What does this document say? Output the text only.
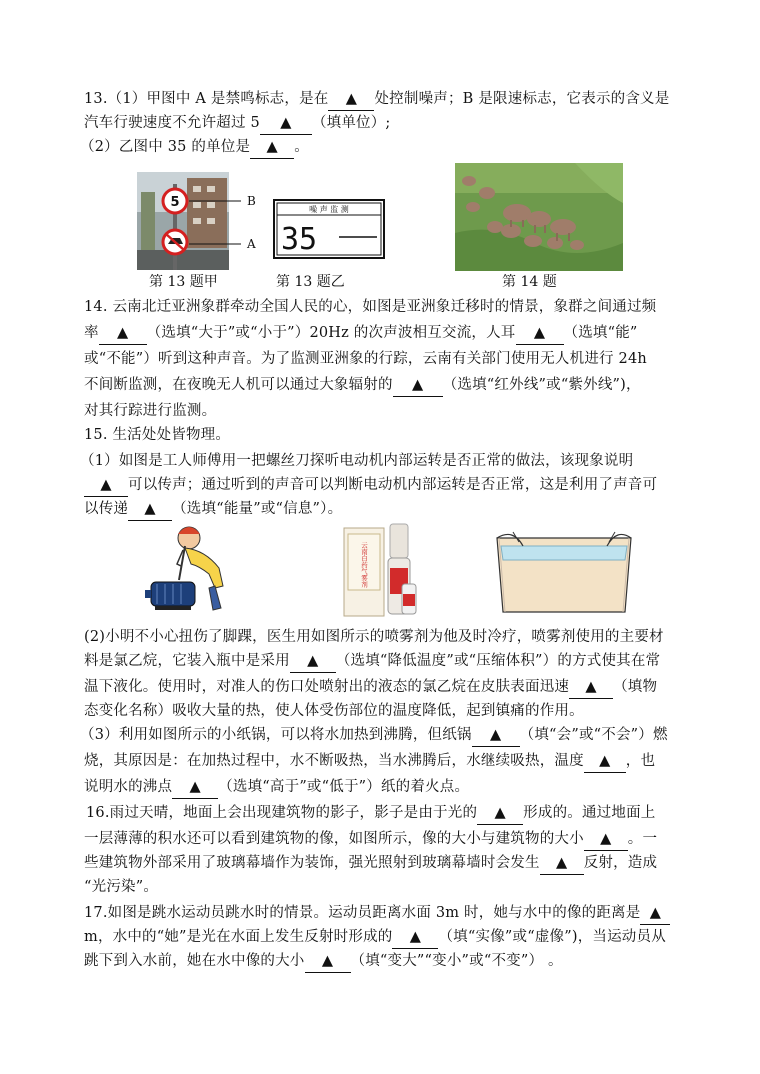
13.（1）甲图中 A 是禁鸣标志，是在 ▲ 处控制噪声；B 是限速标志，它表示的含义是
汽车行驶速度不允许超过 5 ▲ （填单位）;
（2）乙图中 35 的单位是 ▲ 。
5	B
A
噪 声 监 测
35
第 13 题甲	第 13 题乙	第 14 题
14. 云南北迁亚洲象群牵动全国人民的心，如图是亚洲象迁移时的情景，象群之间通过频
率 ▲ （选填“大于”或“小于”）20Hz 的次声波相互交流，人耳 ▲ （选填“能”
或“不能”）听到这种声音。为了监测亚洲象的行踪，云南有关部门使用无人机进行 24h
不间断监测，在夜晚无人机可以通过大象辐射的 ▲ （选填“红外线”或“紫外线”)，
对其行踪进行监测。
15. 生活处处皆物理。
（1）如图是工人师傅用一把螺丝刀探听电动机内部运转是否正常的做法，该现象说明
▲ 可以传声；通过听到的声音可以判断电动机内部运转是否正常，这是利用了声音可
以传递 ▲ （选填“能量”或“信息”）。
云南白药气雾剂
(2)小明不小心扭伤了脚踝，医生用如图所示的喷雾剂为他及时冷疗，喷雾剂使用的主要材
料是氯乙烷，它装入瓶中是采用 ▲ （选填“降低温度”或“压缩体积”）的方式使其在常
温下液化。使用时，对准人的伤口处喷射出的液态的氯乙烷在皮肤表面迅速 ▲ （填物
态变化名称）吸收大量的热，使人体受伤部位的温度降低，起到镇痛的作用。
（3）利用如图所示的小纸锅，可以将水加热到沸腾，但纸锅 ▲ （填“会”或“不会”）燃
烧，其原因是：在加热过程中，水不断吸热，当水沸腾后，水继续吸热，温度 ▲ ，也
说明水的沸点 ▲ （选填“高于”或“低于”）纸的着火点。
16.雨过天晴，地面上会出现建筑物的影子，影子是由于光的 ▲ 形成的。通过地面上
一层薄薄的积水还可以看到建筑物的像，如图所示，像的大小与建筑物的大小 ▲ 。一
些建筑物外部采用了玻璃幕墙作为装饰，强光照射到玻璃幕墙时会发生 ▲ 反射，造成
“光污染”。
17.如图是跳水运动员跳水时的情景。运动员距离水面 3m 时，她与水中的像的距离是 ▲
m，水中的“她”是光在水面上发生反射时形成的 ▲ （填“实像”或“虚像”)，当运动员从
跳下到入水前，她在水中像的大小 ▲ （填“变大”“变小”或“不变”） 。
